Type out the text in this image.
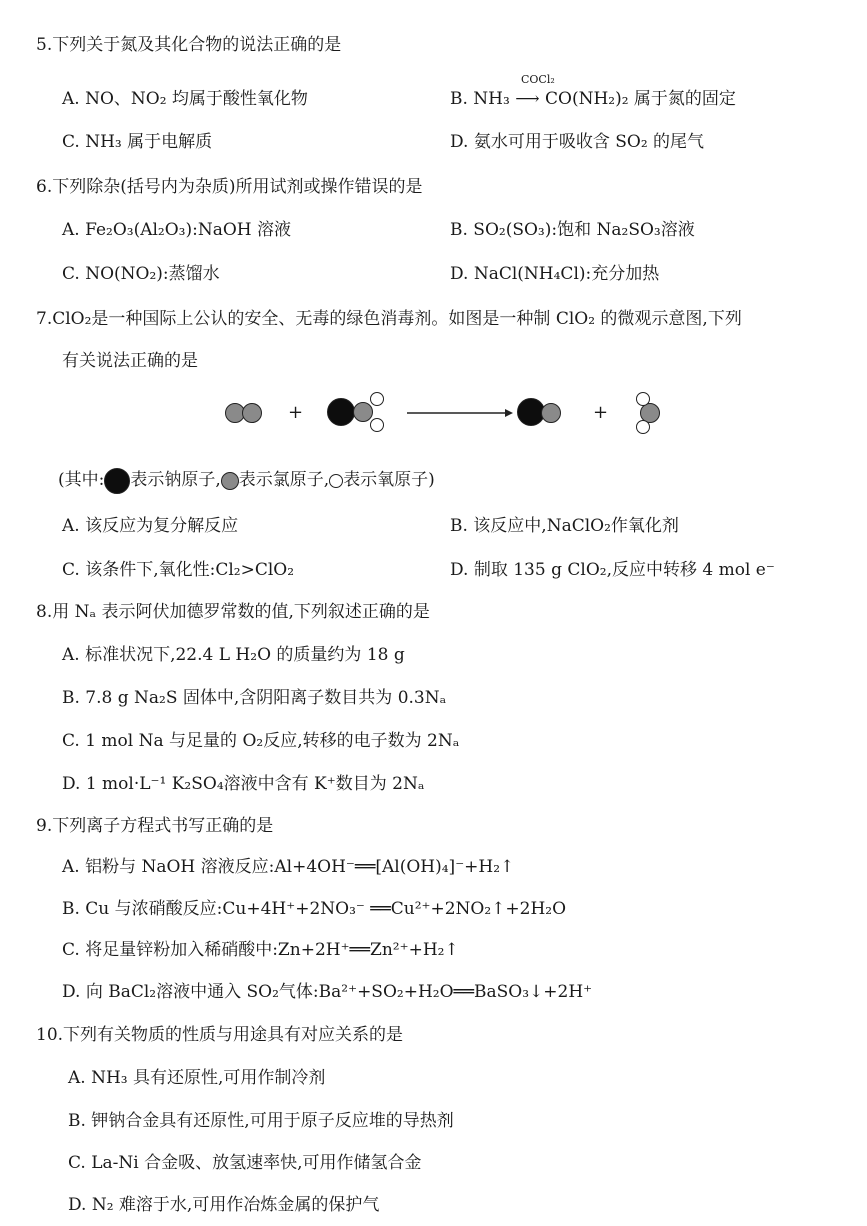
5.下列关于氮及其化合物的说法正确的是
A. NO、NO₂ 均属于酸性氧化物
COCl₂
B. NH₃ ⟶ CO(NH₂)₂ 属于氮的固定
C. NH₃ 属于电解质	D. 氨水可用于吸收含 SO₂ 的尾气
6.下列除杂(括号内为杂质)所用试剂或操作错误的是
A. Fe₂O₃(Al₂O₃):NaOH 溶液	B. SO₂(SO₃):饱和 Na₂SO₃溶液
C. NO(NO₂):蒸馏水	D. NaCl(NH₄Cl):充分加热
7.ClO₂是一种国际上公认的安全、无毒的绿色消毒剂。如图是一种制 ClO₂ 的微观示意图,下列
有关说法正确的是
+	+
(其中: 表示钠原子, 表示氯原子, 表示氧原子)
A. 该反应为复分解反应	B. 该反应中,NaClO₂作氧化剂
C. 该条件下,氧化性:Cl₂>ClO₂	D. 制取 135 g ClO₂,反应中转移 4 mol e⁻
8.用 Nₐ 表示阿伏加德罗常数的值,下列叙述正确的是
A. 标准状况下,22.4 L H₂O 的质量约为 18 g
B. 7.8 g Na₂S 固体中,含阴阳离子数目共为 0.3Nₐ
C. 1 mol Na 与足量的 O₂反应,转移的电子数为 2Nₐ
D. 1 mol·L⁻¹ K₂SO₄溶液中含有 K⁺数目为 2Nₐ
9.下列离子方程式书写正确的是
A. 铝粉与 NaOH 溶液反应:Al+4OH⁻══[Al(OH)₄]⁻+H₂↑
B. Cu 与浓硝酸反应:Cu+4H⁺+2NO₃⁻ ══Cu²⁺+2NO₂↑+2H₂O
C. 将足量锌粉加入稀硝酸中:Zn+2H⁺══Zn²⁺+H₂↑
D. 向 BaCl₂溶液中通入 SO₂气体:Ba²⁺+SO₂+H₂O══BaSO₃↓+2H⁺
10.下列有关物质的性质与用途具有对应关系的是
A. NH₃ 具有还原性,可用作制冷剂
B. 钾钠合金具有还原性,可用于原子反应堆的导热剂
C. La-Ni 合金吸、放氢速率快,可用作储氢合金
D. N₂ 难溶于水,可用作冶炼金属的保护气
